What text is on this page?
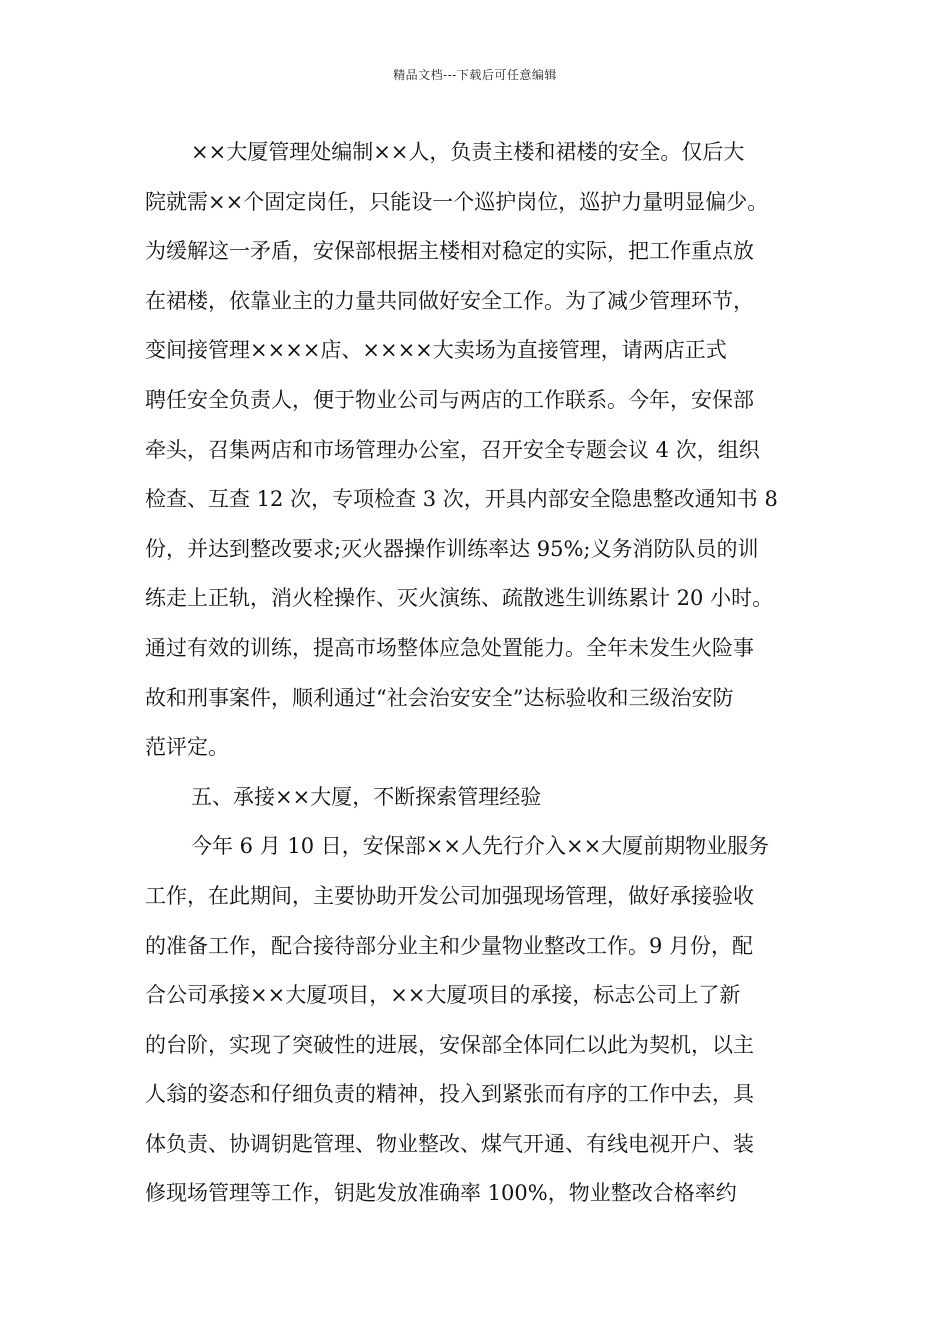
精品文档---下载后可任意编辑
××大厦管理处编制××人，负责主楼和裙楼的安全。仅后大
院就需××个固定岗任，只能设一个巡护岗位，巡护力量明显偏少。
为缓解这一矛盾，安保部根据主楼相对稳定的实际，把工作重点放
在裙楼，依靠业主的力量共同做好安全工作。为了减少管理环节，
变间接管理××××店、××××大卖场为直接管理，请两店正式
聘任安全负责人，便于物业公司与两店的工作联系。今年，安保部
牵头，召集两店和市场管理办公室，召开安全专题会议 4 次，组织
检查、互查 12 次，专项检查 3 次，开具内部安全隐患整改通知书 8
份，并达到整改要求;灭火器操作训练率达 95%;义务消防队员的训
练走上正轨，消火栓操作、灭火演练、疏散逃生训练累计 20 小时。
通过有效的训练，提高市场整体应急处置能力。全年未发生火险事
故和刑事案件，顺利通过“社会治安安全”达标验收和三级治安防
范评定。
五、承接××大厦，不断探索管理经验
今年 6 月 10 日，安保部××人先行介入××大厦前期物业服务
工作，在此期间，主要协助开发公司加强现场管理，做好承接验收
的准备工作，配合接待部分业主和少量物业整改工作。9 月份，配
合公司承接××大厦项目，××大厦项目的承接，标志公司上了新
的台阶，实现了突破性的进展，安保部全体同仁以此为契机，以主
人翁的姿态和仔细负责的精神，投入到紧张而有序的工作中去，具
体负责、协调钥匙管理、物业整改、煤气开通、有线电视开户、装
修现场管理等工作，钥匙发放准确率 100%，物业整改合格率约
